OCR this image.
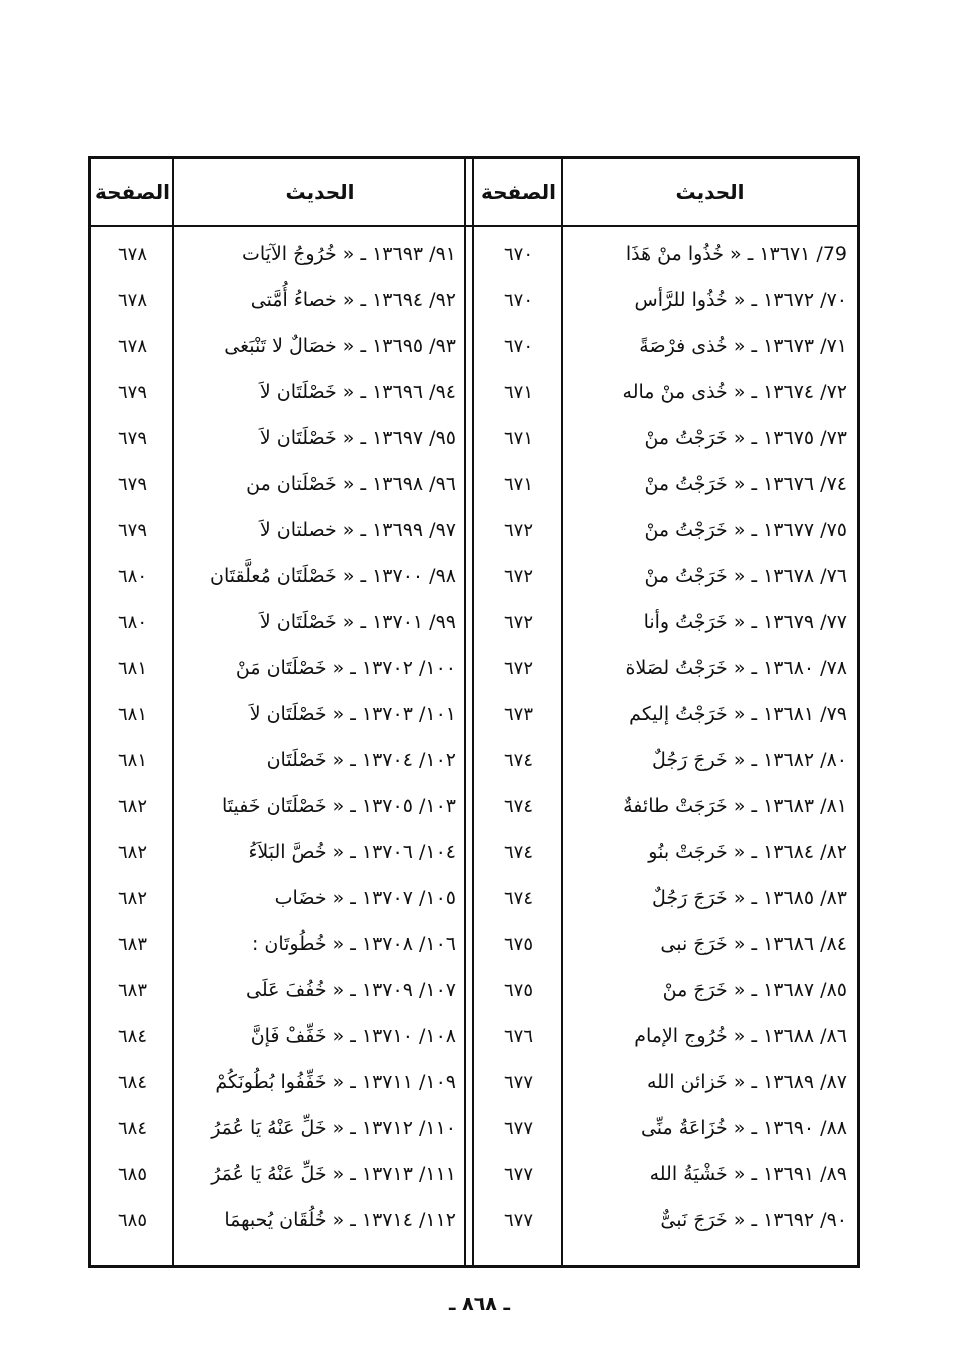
الحديث
الصفحة
الحديث
الصفحة
79/ ١٣٦٧١ ـ « خُذُوا منْ هَذَا
٦٧٠
٩١/ ١٣٦٩٣ ـ « خُرُوجُ الآيَات
٦٧٨
٧٠/ ١٣٦٧٢ ـ « خُذُوا للرَّأس
٦٧٠
٩٢/ ١٣٦٩٤ ـ « خصاءُ أُمَّتى
٦٧٨
٧١/ ١٣٦٧٣ ـ « خُذى فرْصَةً
٦٧٠
٩٣/ ١٣٦٩٥ ـ « خصَالٌ لا تَنْبَغى
٦٧٨
٧٢/ ١٣٦٧٤ ـ « خُذى منْ ماله
٦٧١
٩٤/ ١٣٦٩٦ ـ « خَصْلَتَان لاَ
٦٧٩
٧٣/ ١٣٦٧٥ ـ « خَرَجْتُ منْ
٦٧١
٩٥/ ١٣٦٩٧ ـ « خَصْلَتَان لاَ
٦٧٩
٧٤/ ١٣٦٧٦ ـ « خَرَجْتُ منْ
٦٧١
٩٦/ ١٣٦٩٨ ـ « خَصْلَتان من
٦٧٩
٧٥/ ١٣٦٧٧ ـ « خَرَجْتُ منْ
٦٧٢
٩٧/ ١٣٦٩٩ ـ « خصلتان لاَ
٦٧٩
٧٦/ ١٣٦٧٨ ـ « خَرَجْتُ منْ
٦٧٢
٩٨/ ١٣٧٠٠ ـ « خَصْلَتَان مُعلَّقتَان
٦٨٠
٧٧/ ١٣٦٧٩ ـ « خَرَجْتُ وأنا
٦٧٢
٩٩/ ١٣٧٠١ ـ « خَصْلَتَان لاَ
٦٨٠
٧٨/ ١٣٦٨٠ ـ « خَرَجْتُ لصَلاة
٦٧٢
١٠٠/ ١٣٧٠٢ ـ « خَصْلَتَان مَنْ
٦٨١
٧٩/ ١٣٦٨١ ـ « خَرَجْتُ إليكم
٦٧٣
١٠١/ ١٣٧٠٣ ـ « خَصْلَتَان لاَ
٦٨١
٨٠/ ١٣٦٨٢ ـ « خَرجَ رَجُلٌ
٦٧٤
١٠٢/ ١٣٧٠٤ ـ « خَصْلَتَان
٦٨١
٨١/ ١٣٦٨٣ ـ « خَرَجَتْ طائفةٌ
٦٧٤
١٠٣/ ١٣٧٠٥ ـ « خَصْلَتَان خَفيتَا
٦٨٢
٨٢/ ١٣٦٨٤ ـ « خَرجَتْ بنُو
٦٧٤
١٠٤/ ١٣٧٠٦ ـ « خُصَّ البَلاَءُ
٦٨٢
٨٣/ ١٣٦٨٥ ـ « خَرَجَ رَجُلٌ
٦٧٤
١٠٥/ ١٣٧٠٧ ـ « خضَاب
٦٨٢
٨٤/ ١٣٦٨٦ ـ « خَرَجَ نبى
٦٧٥
١٠٦/ ١٣٧٠٨ ـ « خُطُوتَان :
٦٨٣
٨٥/ ١٣٦٨٧ ـ « خَرَجَ منْ
٦٧٥
١٠٧/ ١٣٧٠٩ ـ « خُفُفَ عَلَى
٦٨٣
٨٦/ ١٣٦٨٨ ـ « خُرُوج الإمام
٦٧٦
١٠٨/ ١٣٧١٠ ـ « خَفِّفْ فَإنَّ
٦٨٤
٨٧/ ١٣٦٨٩ ـ « خَزائن الله
٦٧٧
١٠٩/ ١٣٧١١ ـ « خَفِّفُوا بُطُونَكُمْ
٦٨٤
٨٨/ ١٣٦٩٠ ـ « خُزَاعَةُ منِّى
٦٧٧
١١٠/ ١٣٧١٢ ـ « خَلِّ عَنْهُ يَا عُمَرُ
٦٨٤
٨٩/ ١٣٦٩١ ـ « خَشْيَةُ الله
٦٧٧
١١١/ ١٣٧١٣ ـ « خَلِّ عَنْهُ يَا عُمَرُ
٦٨٥
٩٠/ ١٣٦٩٢ ـ « خَرَجَ نَبىٌّ
٦٧٧
١١٢/ ١٣٧١٤ ـ « خُلُقَان يُحبهمَا
٦٨٥
ـ ٨٦٨ ـ
